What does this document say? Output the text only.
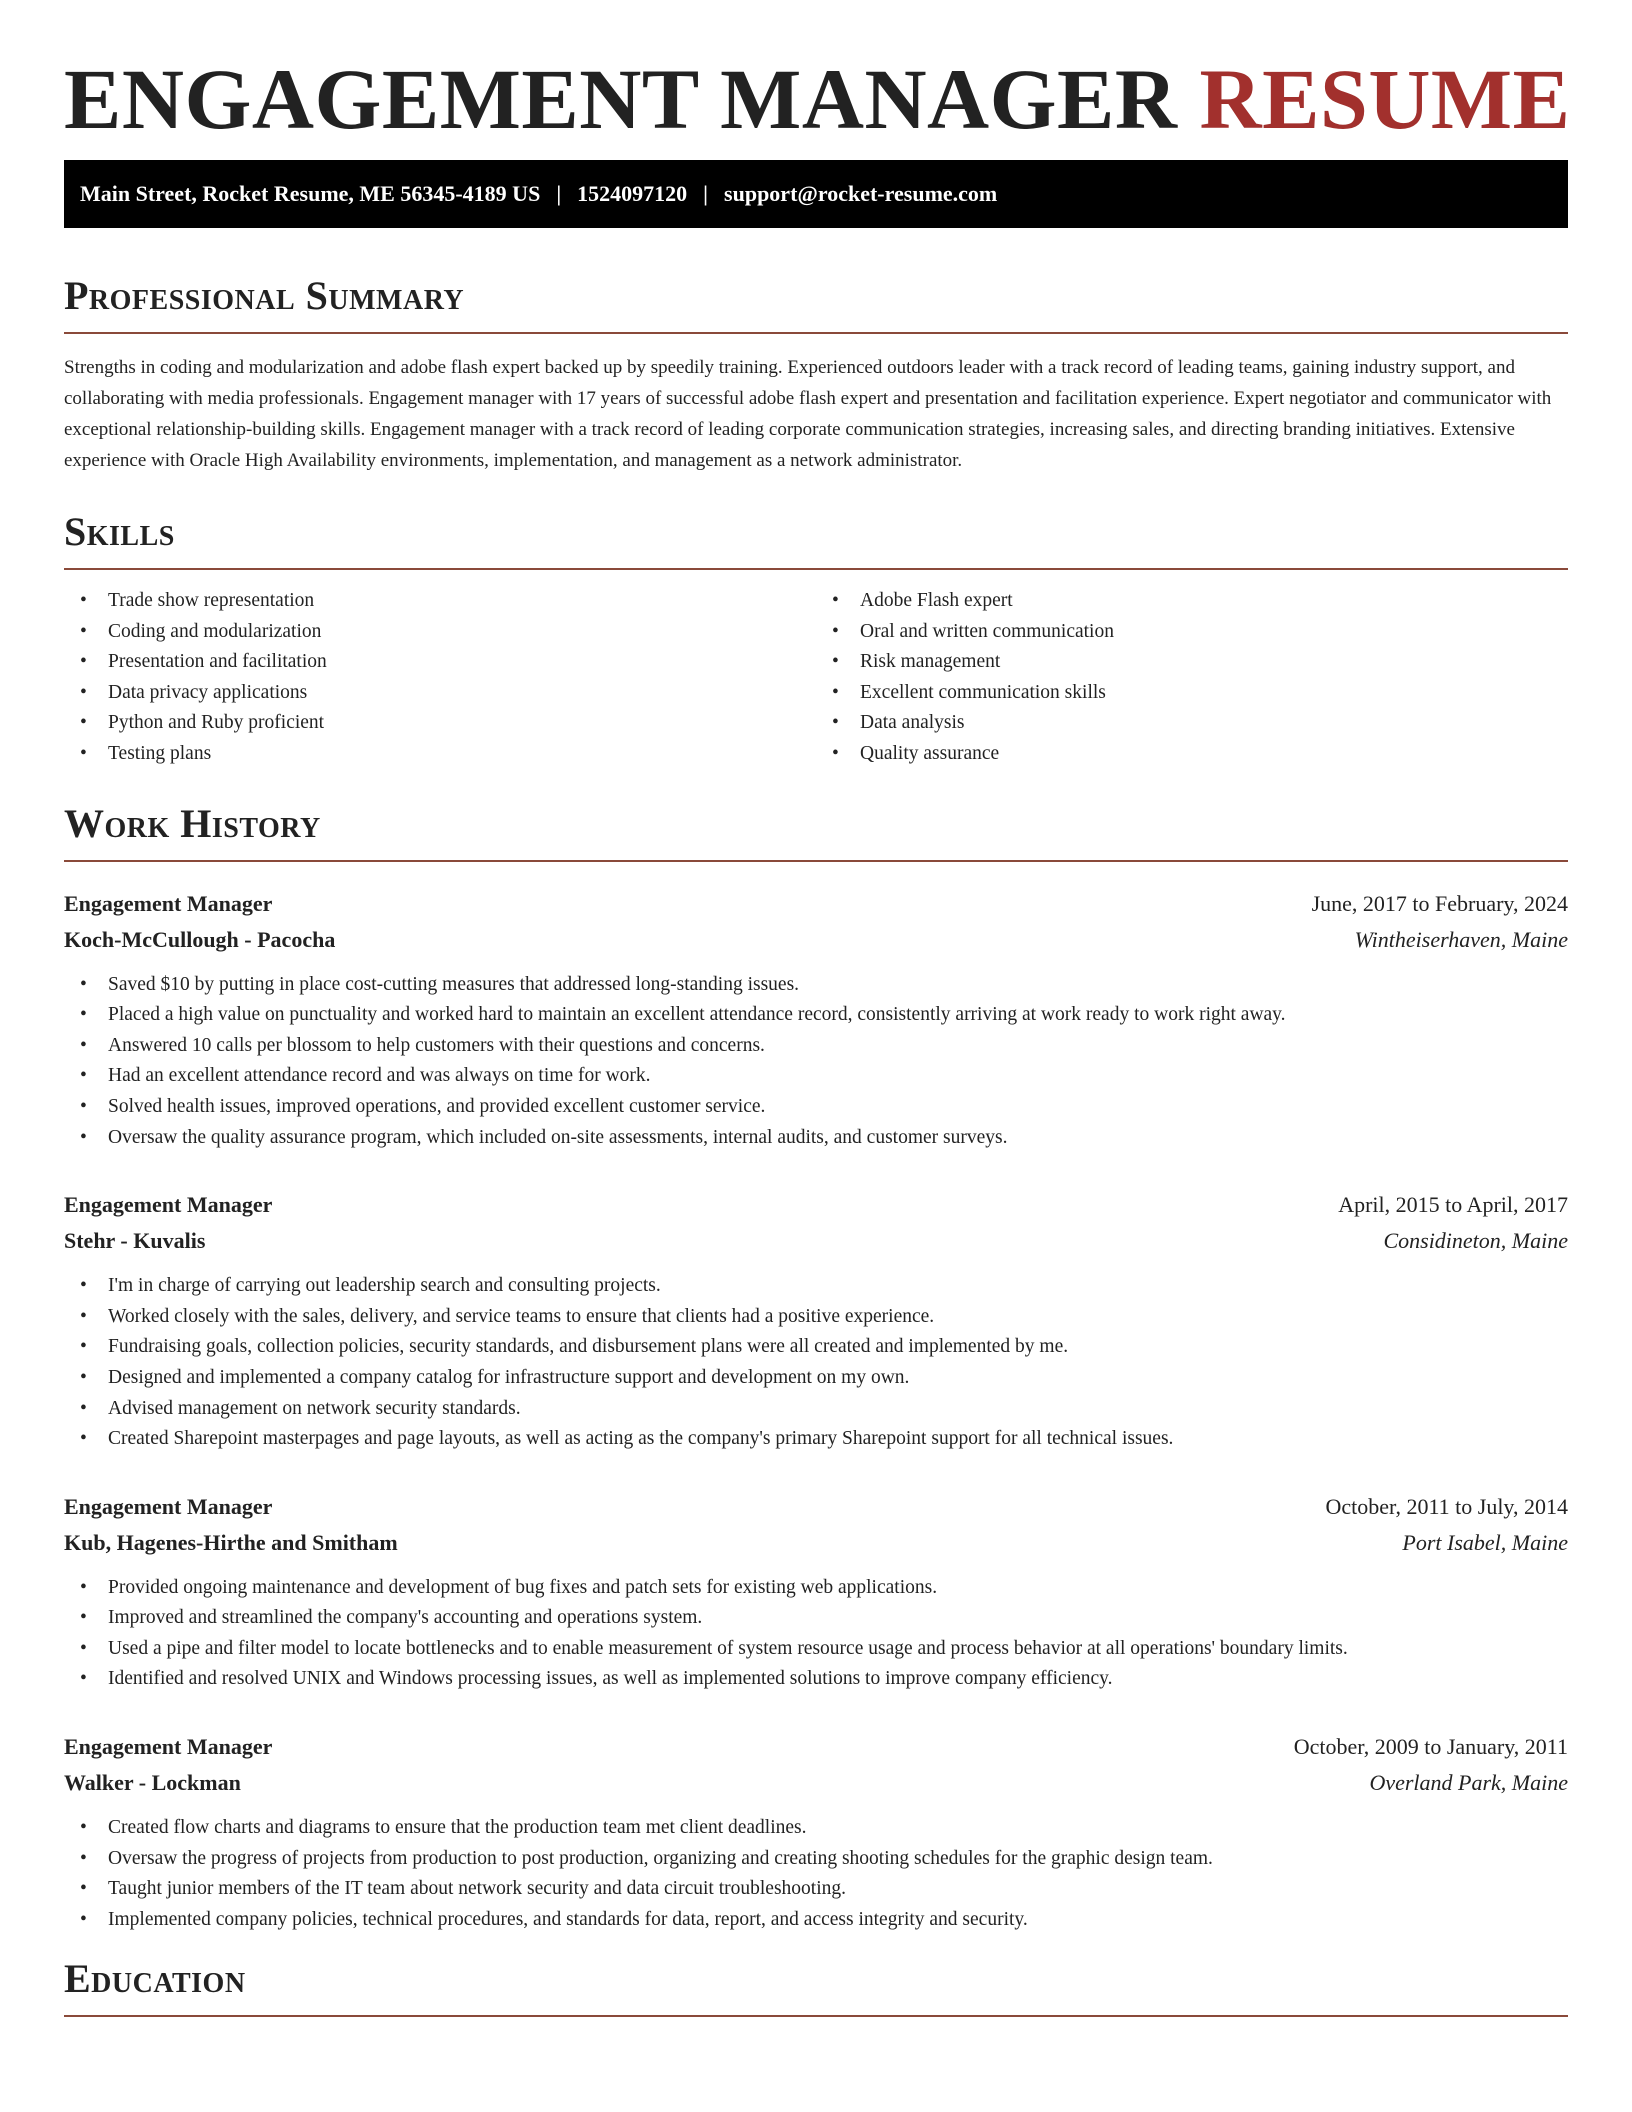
ENGAGEMENT MANAGER RESUME
Main Street, Rocket Resume, ME 56345-4189 US | 1524097120 | support@rocket-resume.com
Professional Summary

Strengths in coding and modularization and adobe flash expert backed up by speedily training. Experienced outdoors leader with a track record of leading teams, gaining industry support, and collaborating with media professionals. Engagement manager with 17 years of successful adobe flash expert and presentation and facilitation experience. Expert negotiator and communicator with exceptional relationship-building skills. Engagement manager with a track record of leading corporate communication strategies, increasing sales, and directing branding initiatives. Extensive experience with Oracle High Availability environments, implementation, and management as a network administrator.

Skills
• Trade show representation
• Coding and modularization
• Presentation and facilitation
• Data privacy applications
• Python and Ruby proficient
• Testing plans
• Adobe Flash expert
• Oral and written communication
• Risk management
• Excellent communication skills
• Data analysis
• Quality assurance
Work History
Engagement Manager	June, 2017 to February, 2024
Koch-McCullough - Pacocha	Wintheiserhaven, Maine
• Saved $10 by putting in place cost-cutting measures that addressed long-standing issues.
• Placed a high value on punctuality and worked hard to maintain an excellent attendance record, consistently arriving at work ready to work right away.
• Answered 10 calls per blossom to help customers with their questions and concerns.
• Had an excellent attendance record and was always on time for work.
• Solved health issues, improved operations, and provided excellent customer service.
• Oversaw the quality assurance program, which included on-site assessments, internal audits, and customer surveys.
Engagement Manager	April, 2015 to April, 2017
Stehr - Kuvalis	Considineton, Maine
• I'm in charge of carrying out leadership search and consulting projects.
• Worked closely with the sales, delivery, and service teams to ensure that clients had a positive experience.
• Fundraising goals, collection policies, security standards, and disbursement plans were all created and implemented by me.
• Designed and implemented a company catalog for infrastructure support and development on my own.
• Advised management on network security standards.
• Created Sharepoint masterpages and page layouts, as well as acting as the company's primary Sharepoint support for all technical issues.
Engagement Manager	October, 2011 to July, 2014
Kub, Hagenes-Hirthe and Smitham	Port Isabel, Maine
• Provided ongoing maintenance and development of bug fixes and patch sets for existing web applications.
• Improved and streamlined the company's accounting and operations system.
• Used a pipe and filter model to locate bottlenecks and to enable measurement of system resource usage and process behavior at all operations' boundary limits.
• Identified and resolved UNIX and Windows processing issues, as well as implemented solutions to improve company efficiency.
Engagement Manager	October, 2009 to January, 2011
Walker - Lockman	Overland Park, Maine
• Created flow charts and diagrams to ensure that the production team met client deadlines.
• Oversaw the progress of projects from production to post production, organizing and creating shooting schedules for the graphic design team.
• Taught junior members of the IT team about network security and data circuit troubleshooting.
• Implemented company policies, technical procedures, and standards for data, report, and access integrity and security.
Education
